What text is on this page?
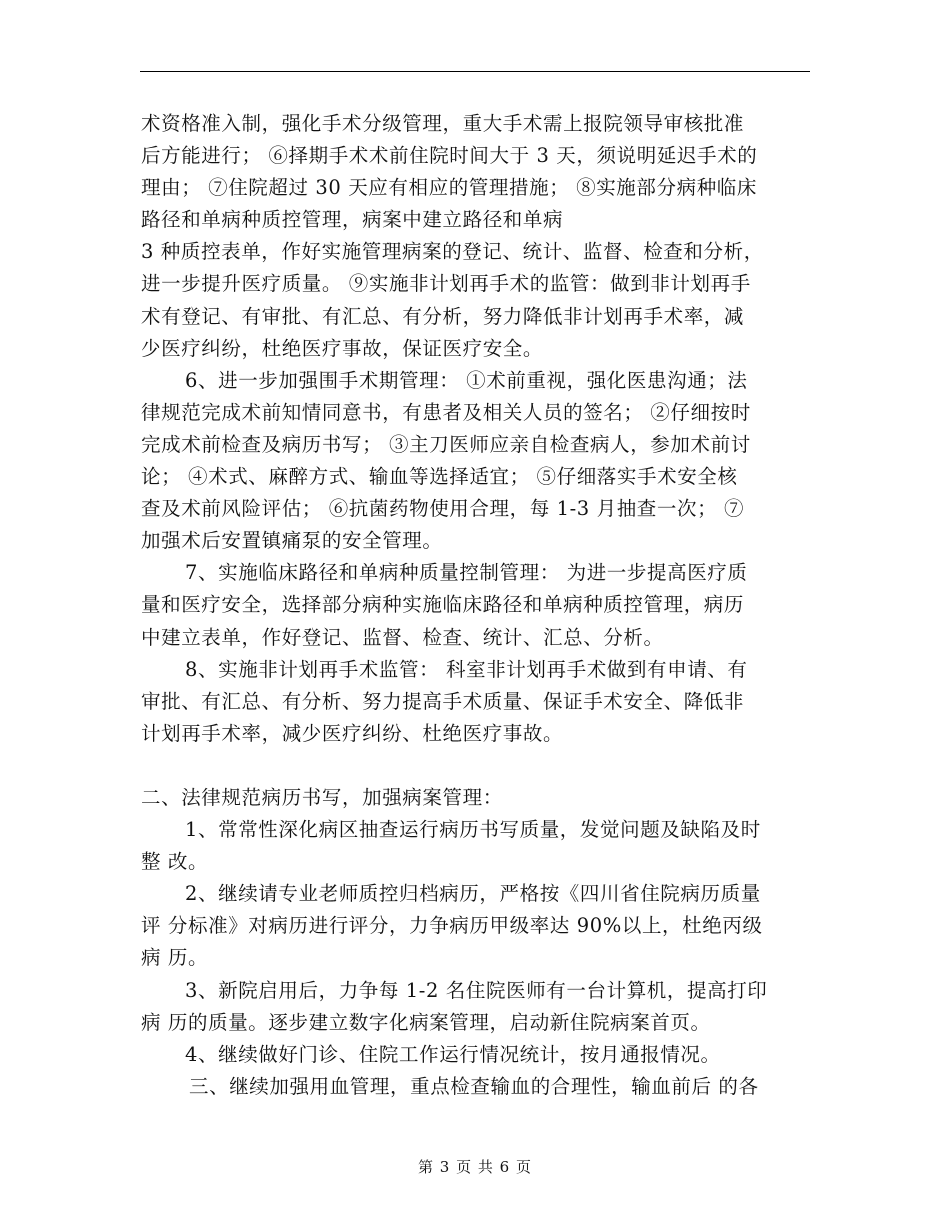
术资格准入制，强化手术分级管理，重大手术需上报院领导审核批准
后方能进行； ⑥择期手术术前住院时间大于 3 天，须说明延迟手术的
理由； ⑦住院超过 30 天应有相应的管理措施； ⑧实施部分病种临床
路径和单病种质控管理，病案中建立路径和单病
3 种质控表单，作好实施管理病案的登记、统计、监督、检查和分析，
进一步提升医疗质量。 ⑨实施非计划再手术的监管：做到非计划再手
术有登记、有审批、有汇总、有分析，努力降低非计划再手术率，减
少医疗纠纷，杜绝医疗事故，保证医疗安全。
6、进一步加强围手术期管理： ①术前重视，强化医患沟通；法
律规范完成术前知情同意书，有患者及相关人员的签名； ②仔细按时
完成术前检查及病历书写； ③主刀医师应亲自检查病人，参加术前讨
论； ④术式、麻醉方式、输血等选择适宜； ⑤仔细落实手术安全核
查及术前风险评估； ⑥抗菌药物使用合理，每 1-3 月抽查一次； ⑦
加强术后安置镇痛泵的安全管理。
7、实施临床路径和单病种质量控制管理： 为进一步提高医疗质
量和医疗安全，选择部分病种实施临床路径和单病种质控管理，病历
中建立表单，作好登记、监督、检查、统计、汇总、分析。
8、实施非计划再手术监管： 科室非计划再手术做到有申请、有
审批、有汇总、有分析、努力提高手术质量、保证手术安全、降低非
计划再手术率，减少医疗纠纷、杜绝医疗事故。
二、法律规范病历书写，加强病案管理：
1、常常性深化病区抽查运行病历书写质量，发觉问题及缺陷及时
整 改。
2、继续请专业老师质控归档病历，严格按《四川省住院病历质量
评 分标准》对病历进行评分，力争病历甲级率达 90%以上，杜绝丙级
病 历。
3、新院启用后，力争每 1-2 名住院医师有一台计算机，提高打印
病 历的质量。逐步建立数字化病案管理，启动新住院病案首页。
4、继续做好门诊、住院工作运行情况统计，按月通报情况。
三、继续加强用血管理，重点检查输血的合理性，输血前后 的各
第 3 页 共 6 页
